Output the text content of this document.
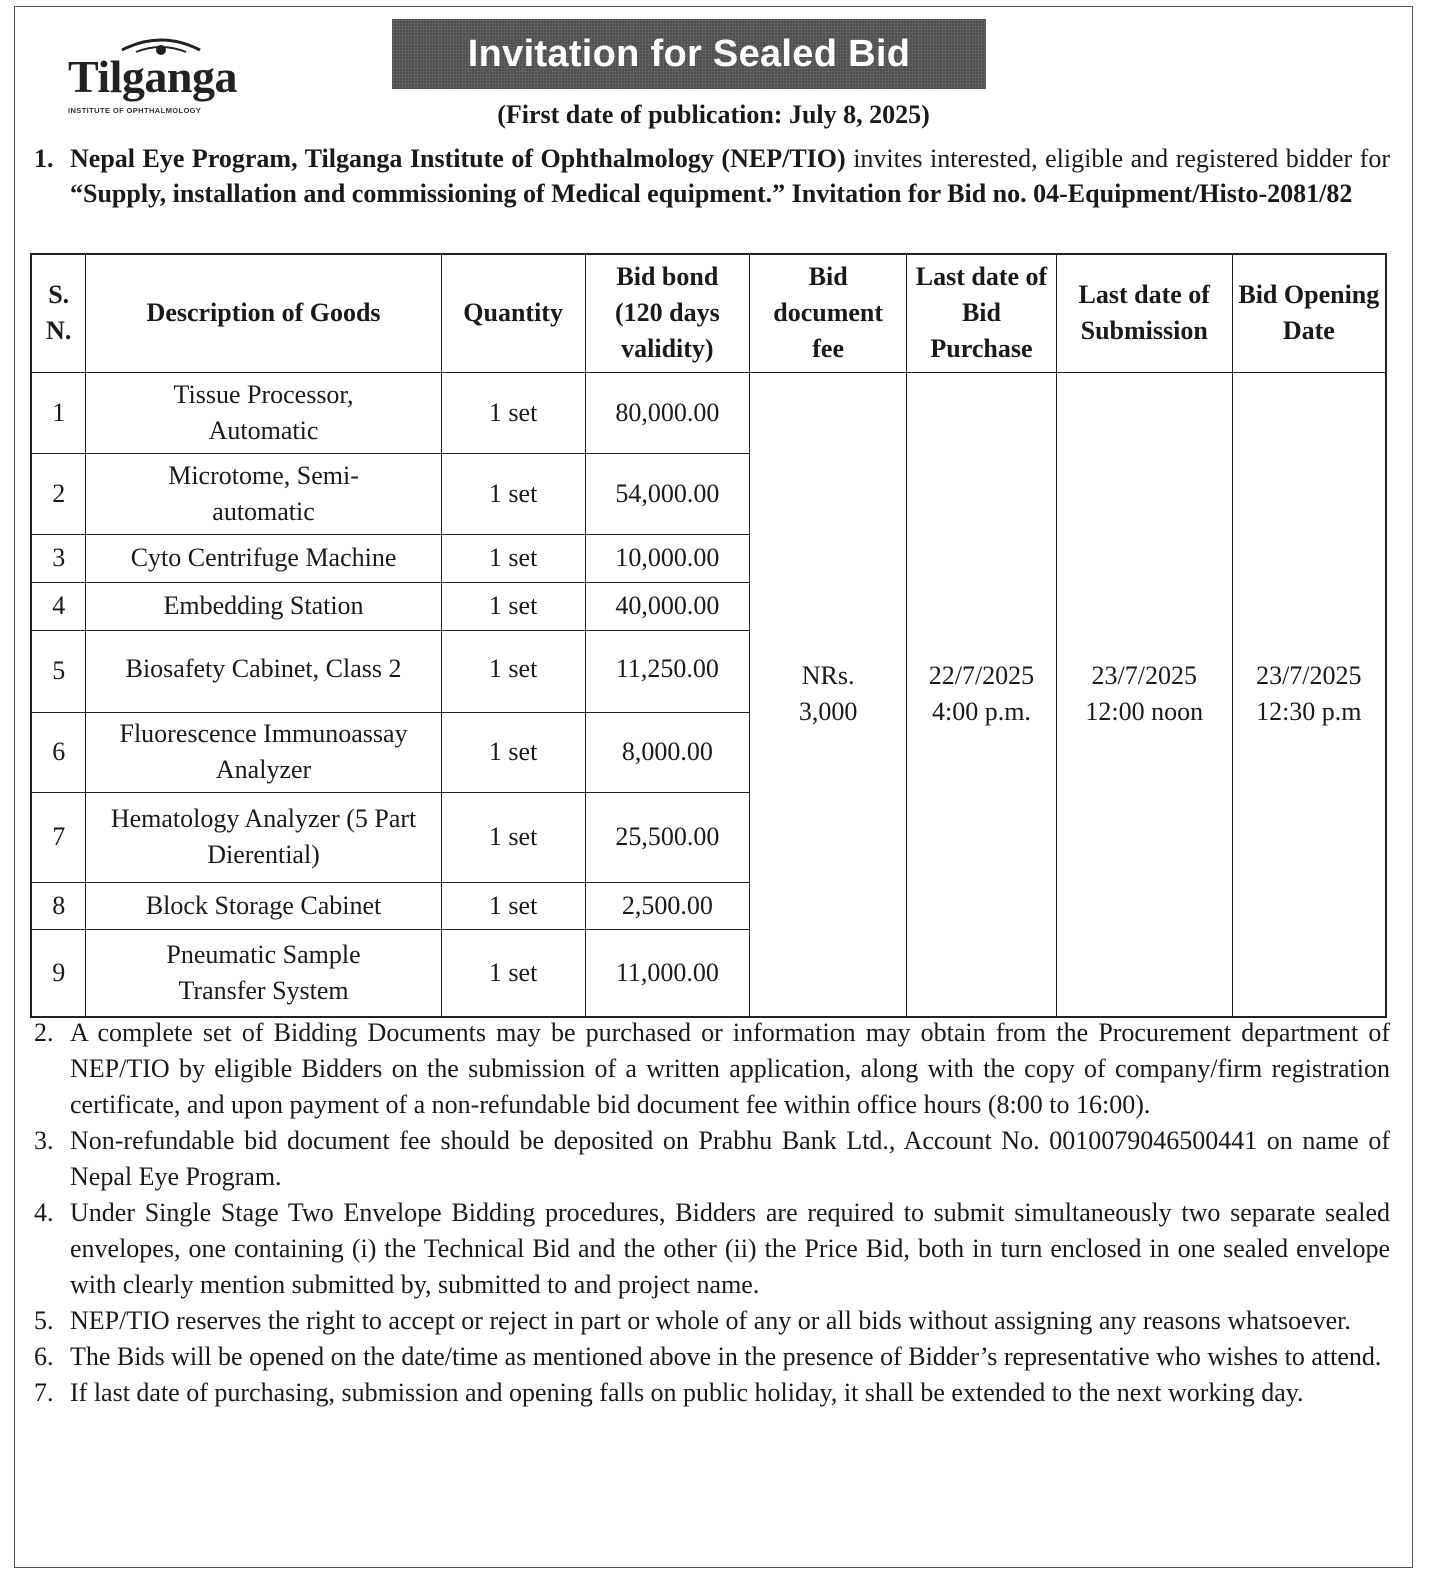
Tilganga
INSTITUTE OF OPHTHALMOLOGY
Invitation for Sealed Bid
(First date of publication: July 8, 2025)
1. Nepal Eye Program, Tilganga Institute of Ophthalmology (NEP/TIO) invites interested, eligible and registered bidder for “Supply, installation and commissioning of Medical equipment.” Invitation for Bid no. 04-Equipment/Histo-2081/82
S. N.	Description of Goods	Quantity	Bid bond (120 days validity)	Bid document fee	Last date of Bid Purchase	Last date of Submission	Bid Opening Date
1	Tissue Processor, Automatic	1 set	80,000.00	NRs. 3,000	22/7/2025 4:00 p.m.	23/7/2025 12:00 noon	23/7/2025 12:30 p.m
2	Microtome, Semi-automatic	1 set	54,000.00				
3	Cyto Centrifuge Machine	1 set	10,000.00				
4	Embedding Station	1 set	40,000.00				
5	Biosafety Cabinet, Class 2	1 set	11,250.00				
6	Fluorescence Immunoassay Analyzer	1 set	8,000.00				
7	Hematology Analyzer (5 Part Dierential)	1 set	25,500.00				
8	Block Storage Cabinet	1 set	2,500.00				
9	Pneumatic Sample Transfer System	1 set	11,000.00				
2. A complete set of Bidding Documents may be purchased or information may obtain from the Procurement department of NEP/TIO by eligible Bidders on the submission of a written application, along with the copy of company/firm registration certificate, and upon payment of a non-refundable bid document fee within office hours (8:00 to 16:00).
3. Non-refundable bid document fee should be deposited on Prabhu Bank Ltd., Account No. 0010079046500441 on name of Nepal Eye Program.
4. Under Single Stage Two Envelope Bidding procedures, Bidders are required to submit simultaneously two separate sealed envelopes, one containing (i) the Technical Bid and the other (ii) the Price Bid, both in turn enclosed in one sealed envelope with clearly mention submitted by, submitted to and project name.
5. NEP/TIO reserves the right to accept or reject in part or whole of any or all bids without assigning any reasons whatsoever.
6. The Bids will be opened on the date/time as mentioned above in the presence of Bidder’s representative who wishes to attend.
7. If last date of purchasing, submission and opening falls on public holiday, it shall be extended to the next working day.
